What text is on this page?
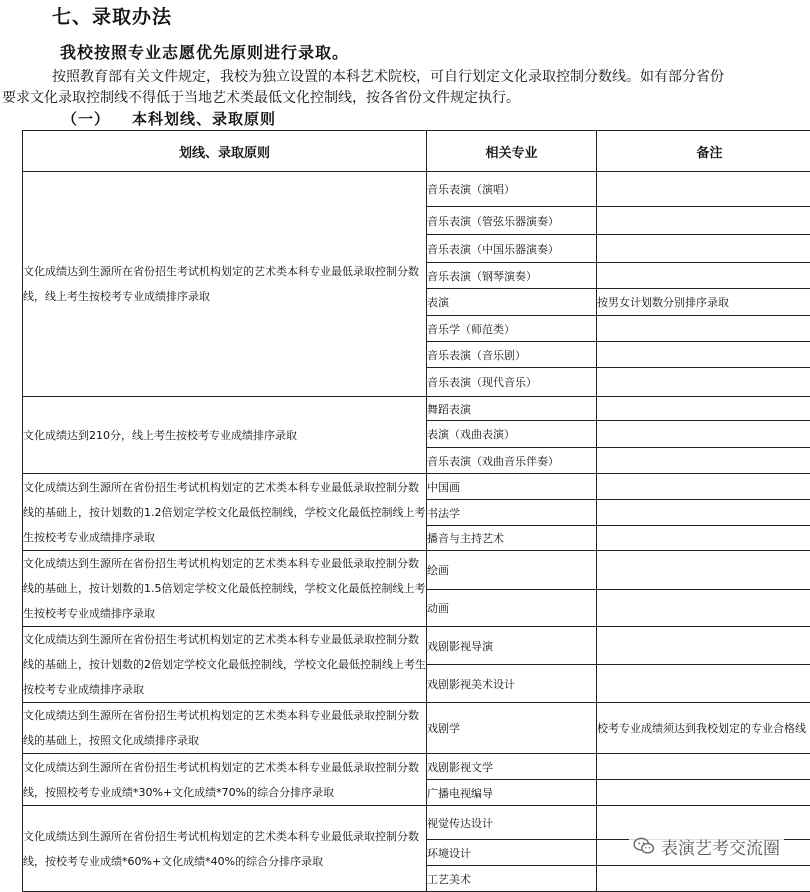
七、录取办法
我校按照专业志愿优先原则进行录取。
按照教育部有关文件规定，我校为独立设置的本科艺术院校，可自行划定文化录取控制分数线。如有部分省份
要求文化录取控制线不得低于当地艺术类最低文化控制线，按各省份文件规定执行。
（一） 本科划线、录取原则
划线、录取原则	相关专业	备注
文化成绩达到生源所在省份招生考试机构划定的艺术类本科专业最低录取控制分数线，线上考生按校考专业成绩排序录取	音乐表演（演唱）	
	音乐表演（管弦乐器演奏）	
	音乐表演（中国乐器演奏）	
	音乐表演（钢琴演奏）	
	表演	按男女计划数分别排序录取
	音乐学（师范类）	
	音乐表演（音乐剧）	
	音乐表演（现代音乐）	
文化成绩达到210分，线上考生按校考专业成绩排序录取	舞蹈表演	
	表演（戏曲表演）	
	音乐表演（戏曲音乐伴奏）	
文化成绩达到生源所在省份招生考试机构划定的艺术类本科专业最低录取控制分数线的基础上，按计划数的1.2倍划定学校文化最低控制线，学校文化最低控制线上考生按校考专业成绩排序录取	中国画	
	书法学	
	播音与主持艺术	
文化成绩达到生源所在省份招生考试机构划定的艺术类本科专业最低录取控制分数线的基础上，按计划数的1.5倍划定学校文化最低控制线，学校文化最低控制线上考生按校考专业成绩排序录取	绘画	
	动画	
文化成绩达到生源所在省份招生考试机构划定的艺术类本科专业最低录取控制分数线的基础上，按计划数的2倍划定学校文化最低控制线，学校文化最低控制线上考生按校考专业成绩排序录取	戏剧影视导演	
	戏剧影视美术设计	
文化成绩达到生源所在省份招生考试机构划定的艺术类本科专业最低录取控制分数线的基础上，按照文化成绩排序录取	戏剧学	校考专业成绩须达到我校划定的专业合格线
文化成绩达到生源所在省份招生考试机构划定的艺术类本科专业最低录取控制分数线，按照校考专业成绩*30%+文化成绩*70%的综合分排序录取	戏剧影视文学	
	广播电视编导	
文化成绩达到生源所在省份招生考试机构划定的艺术类本科专业最低录取控制分数线，按校考专业成绩*60%+文化成绩*40%的综合分排序录取	视觉传达设计	
	环境设计	
	工艺美术	
表演艺考交流圈
